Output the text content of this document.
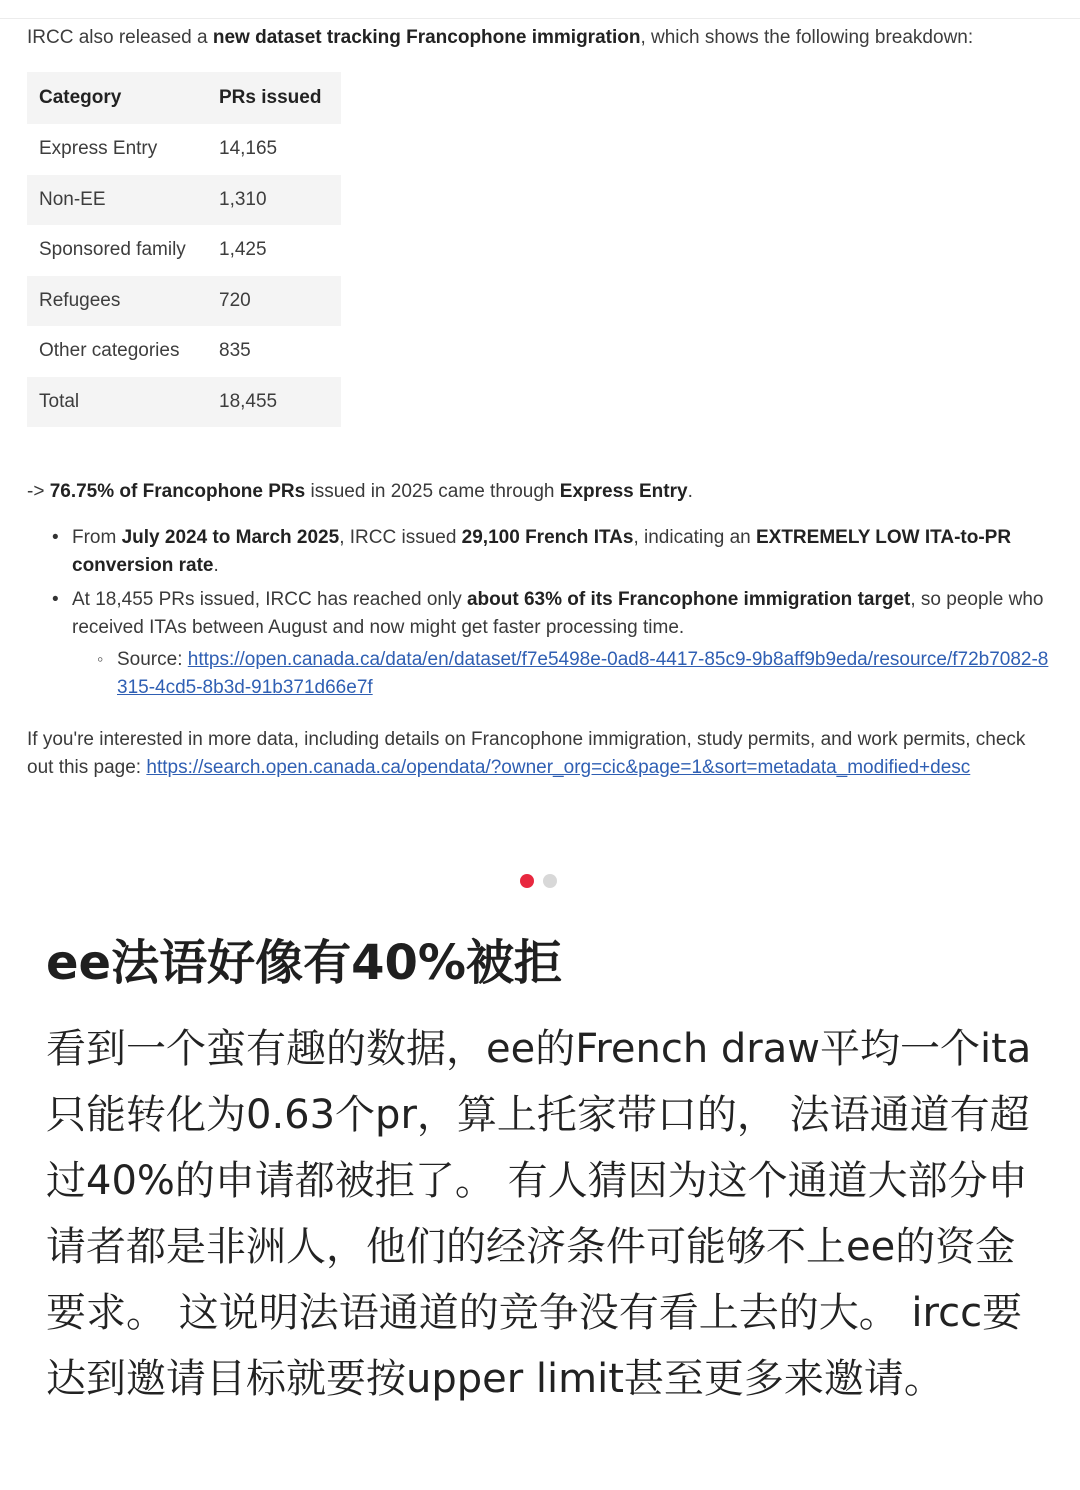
IRCC also released a new dataset tracking Francophone immigration, which shows the following breakdown:

Category	PRs issued
Express Entry	14,165
Non-EE	1,310
Sponsored family	1,425
Refugees	720
Other categories	835
Total	18,455
-> 76.75% of Francophone PRs issued in 2025 came through Express Entry.
• From July 2024 to March 2025, IRCC issued 29,100 French ITAs, indicating an EXTREMELY LOW ITA-to-PR conversion rate.
• At 18,455 PRs issued, IRCC has reached only about 63% of its Francophone immigration target, so people who received ITAs between August and now might get faster processing time.
◦ Source: https://open.canada.ca/data/en/dataset/f7e5498e-0ad8-4417-85c9-9b8aff9b9eda/resource/f72b7082-8315-4cd5-8b3d-91b371d66e7f

If you're interested in more data, including details on Francophone immigration, study permits, and work permits, check out this page: https://search.open.canada.ca/opendata/?owner_org=cic&page=1&sort=metadata_modified+desc

ee法语好像有40%被拒

看到一个蛮有趣的数据，ee的French draw平均一个ita只能转化为0.63个pr，算上托家带口的， 法语通道有超过40%的申请都被拒了。 有人猜因为这个通道大部分申请者都是非洲人，他们的经济条件可能够不上ee的资金要求。 这说明法语通道的竞争没有看上去的大。 ircc要达到邀请目标就要按upper limit甚至更多来邀请。
